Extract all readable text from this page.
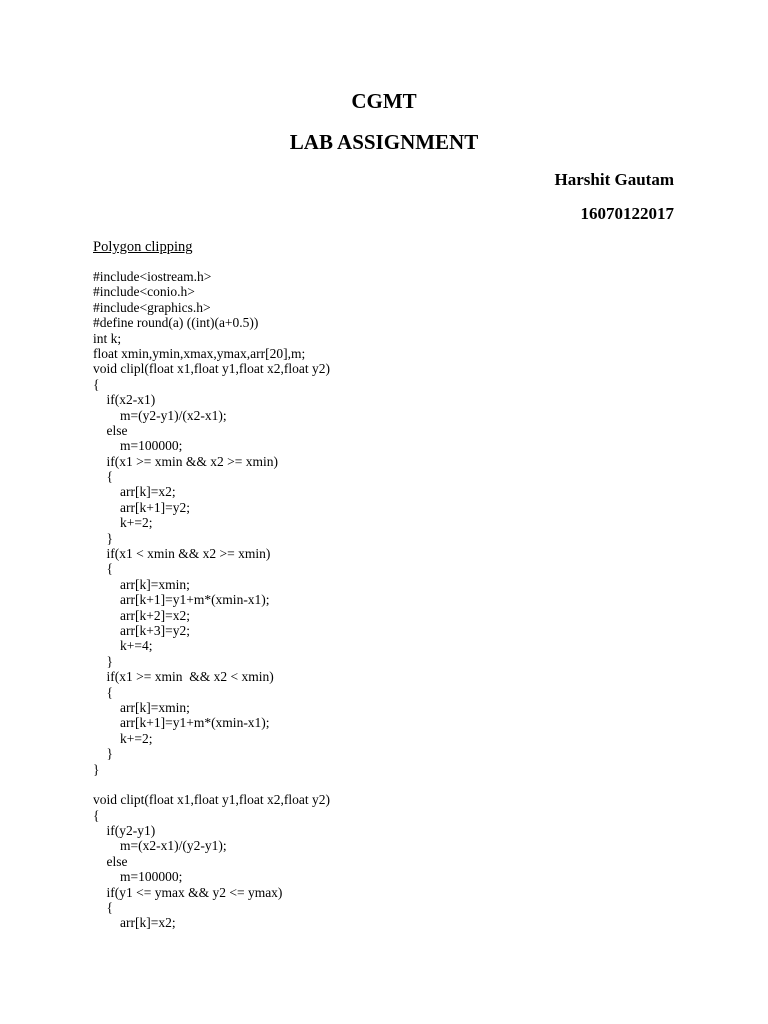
CGMT
LAB ASSIGNMENT
Harshit Gautam
16070122017
Polygon clipping
#include<iostream.h>
#include<conio.h>
#include<graphics.h>
#define round(a) ((int)(a+0.5))
int k;
float xmin,ymin,xmax,ymax,arr[20],m;
void clipl(float x1,float y1,float x2,float y2)
{
if(x2-x1)
m=(y2-y1)/(x2-x1);
else
m=100000;
if(x1 >= xmin && x2 >= xmin)
{
arr[k]=x2;
arr[k+1]=y2;
k+=2;
}
if(x1 < xmin && x2 >= xmin)
{
arr[k]=xmin;
arr[k+1]=y1+m*(xmin-x1);
arr[k+2]=x2;
arr[k+3]=y2;
k+=4;
}
if(x1 >= xmin  && x2 < xmin)
{
arr[k]=xmin;
arr[k+1]=y1+m*(xmin-x1);
k+=2;
}
}
void clipt(float x1,float y1,float x2,float y2)
{
if(y2-y1)
m=(x2-x1)/(y2-y1);
else
m=100000;
if(y1 <= ymax && y2 <= ymax)
{
arr[k]=x2;
